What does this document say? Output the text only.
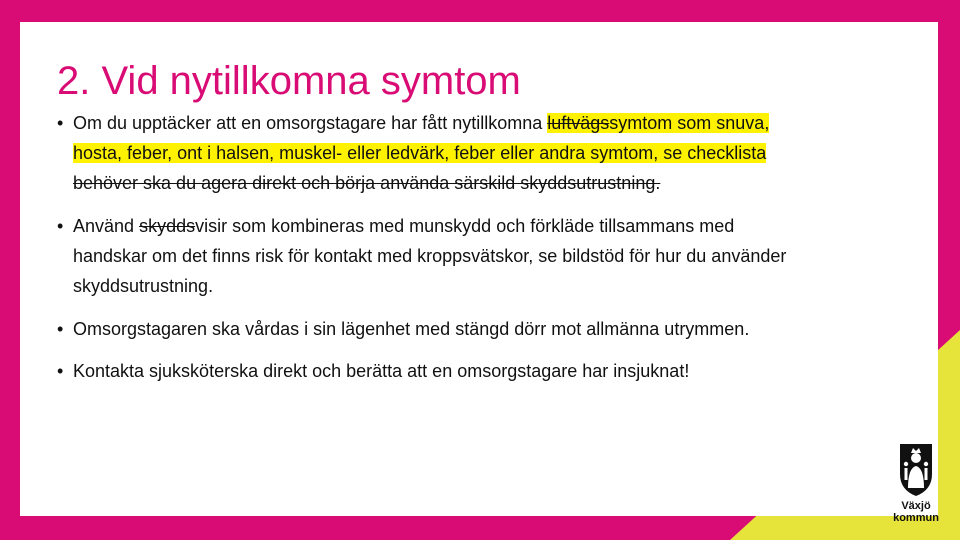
2. Vid nytillkomna symtom
• Om du upptäcker att en omsorgstagare har fått nytillkomna luftvägssymtom som snuva,
hosta, feber, ont i halsen, muskel- eller ledvärk, feber eller andra symtom, se checklista
behöver ska du agera direkt och börja använda särskild skyddsutrustning.
• Använd skyddsvisir som kombineras med munskydd och förkläde tillsammans med
handskar om det finns risk för kontakt med kroppsvätskor, se bildstöd för hur du använder
skyddsutrustning.
• Omsorgstagaren ska vårdas i sin lägenhet med stängd dörr mot allmänna utrymmen.
• Kontakta sjuksköterska direkt och berätta att en omsorgstagare har insjuknat!
Växjö
kommun
